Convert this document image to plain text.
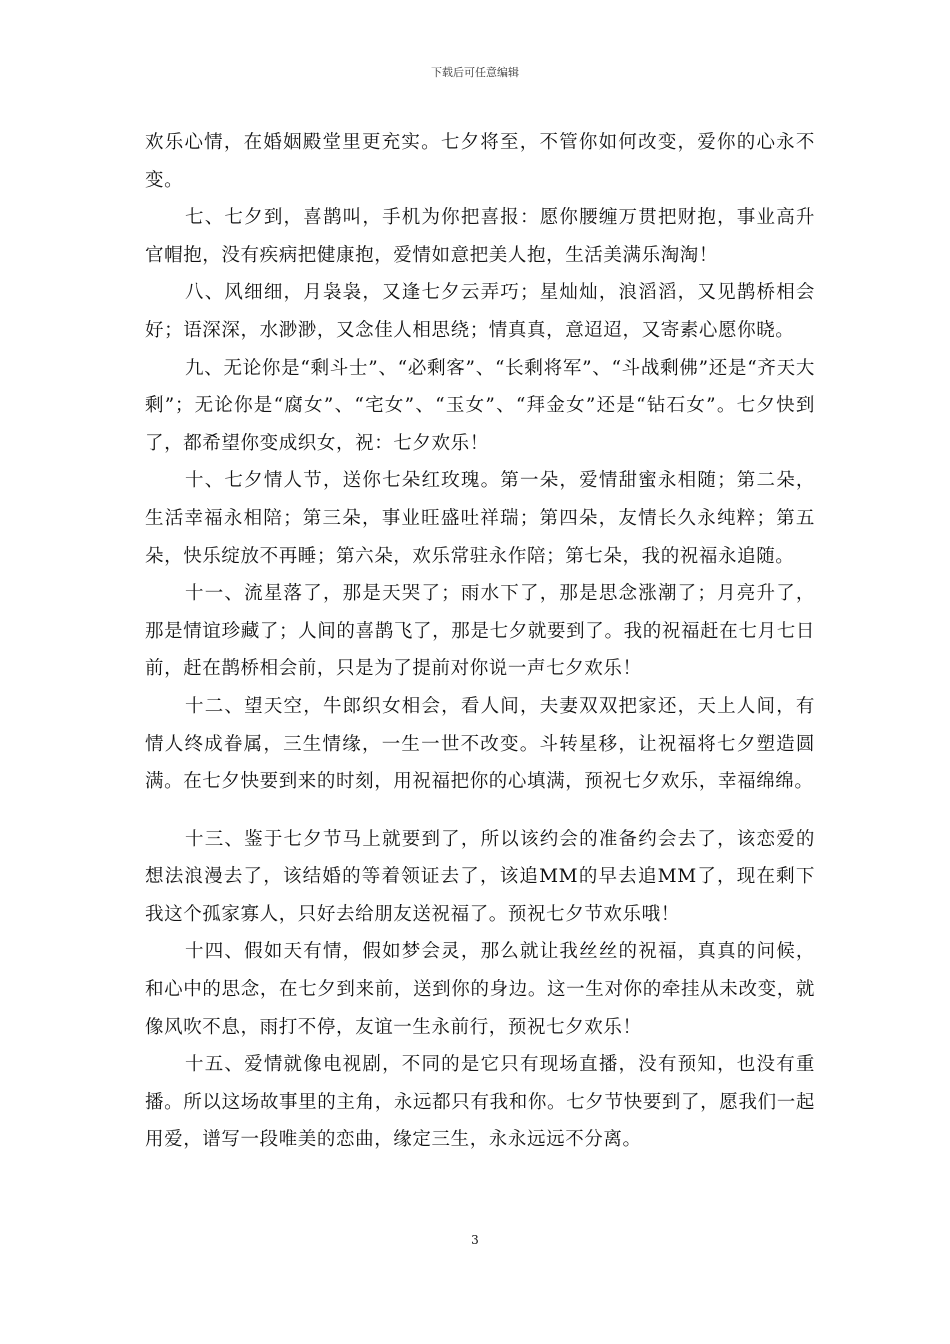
下载后可任意编辑

欢乐心情，在婚姻殿堂里更充实。七夕将至，不管你如何改变，爱你的心永不变。

七、七夕到，喜鹊叫，手机为你把喜报：愿你腰缠万贯把财抱，事业高升官帽抱，没有疾病把健康抱，爱情如意把美人抱，生活美满乐淘淘！

八、风细细，月袅袅，又逢七夕云弄巧；星灿灿，浪滔滔，又见鹊桥相会好；语深深，水渺渺，又念佳人相思绕；情真真，意迢迢，又寄素心愿你晓。

九、无论你是“剩斗士”、“必剩客”、“长剩将军”、“斗战剩佛”还是“齐天大剩”；无论你是“腐女”、“宅女”、“玉女”、“拜金女”还是“钻石女”。七夕快到了，都希望你变成织女，祝：七夕欢乐！

十、七夕情人节，送你七朵红玫瑰。第一朵，爱情甜蜜永相随；第二朵，生活幸福永相陪；第三朵，事业旺盛吐祥瑞；第四朵，友情长久永纯粹；第五朵，快乐绽放不再睡；第六朵，欢乐常驻永作陪；第七朵，我的祝福永追随。

十一、流星落了，那是天哭了；雨水下了，那是思念涨潮了；月亮升了，那是情谊珍藏了；人间的喜鹊飞了，那是七夕就要到了。我的祝福赶在七月七日前，赶在鹊桥相会前，只是为了提前对你说一声七夕欢乐！

十二、望天空，牛郎织女相会，看人间，夫妻双双把家还，天上人间，有情人终成眷属，三生情缘，一生一世不改变。斗转星移，让祝福将七夕塑造圆满。在七夕快要到来的时刻，用祝福把你的心填满，预祝七夕欢乐，幸福绵绵。

十三、鉴于七夕节马上就要到了，所以该约会的准备约会去了，该恋爱的想法浪漫去了，该结婚的等着领证去了，该追MM的早去追MM了，现在剩下我这个孤家寡人，只好去给朋友送祝福了。预祝七夕节欢乐哦！

十四、假如天有情，假如梦会灵，那么就让我丝丝的祝福，真真的问候，和心中的思念，在七夕到来前，送到你的身边。这一生对你的牵挂从未改变，就像风吹不息，雨打不停，友谊一生永前行，预祝七夕欢乐！

十五、爱情就像电视剧，不同的是它只有现场直播，没有预知，也没有重播。所以这场故事里的主角，永远都只有我和你。七夕节快要到了，愿我们一起用爱，谱写一段唯美的恋曲，缘定三生，永永远远不分离。

3
